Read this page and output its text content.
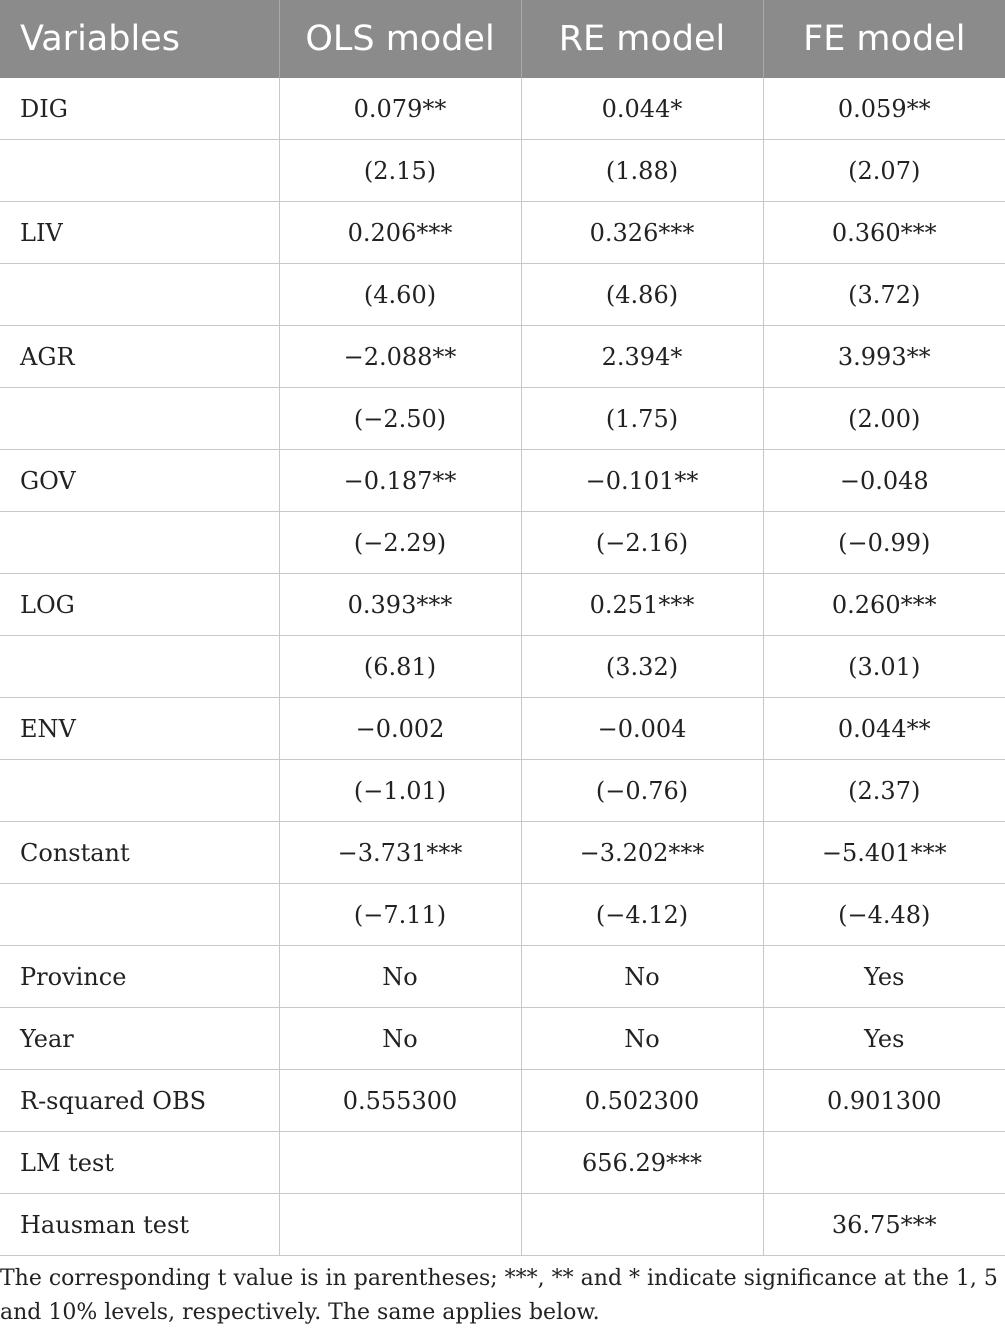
Variables	OLS model	RE model	FE model
DIG	0.079**	0.044*	0.059**
	(2.15)	(1.88)	(2.07)
LIV	0.206***	0.326***	0.360***
	(4.60)	(4.86)	(3.72)
AGR	−2.088**	2.394*	3.993**
	(−2.50)	(1.75)	(2.00)
GOV	−0.187**	−0.101**	−0.048
	(−2.29)	(−2.16)	(−0.99)
LOG	0.393***	0.251***	0.260***
	(6.81)	(3.32)	(3.01)
ENV	−0.002	−0.004	0.044**
	(−1.01)	(−0.76)	(2.37)
Constant	−3.731***	−3.202***	−5.401***
	(−7.11)	(−4.12)	(−4.48)
Province	No	No	Yes
Year	No	No	Yes
R-squared OBS	0.555300	0.502300	0.901300
LM test		656.29***	
Hausman test			36.75***

The corresponding t value is in parentheses; ***, ** and * indicate significance at the 1, 5 and 10% levels, respectively. The same applies below.
